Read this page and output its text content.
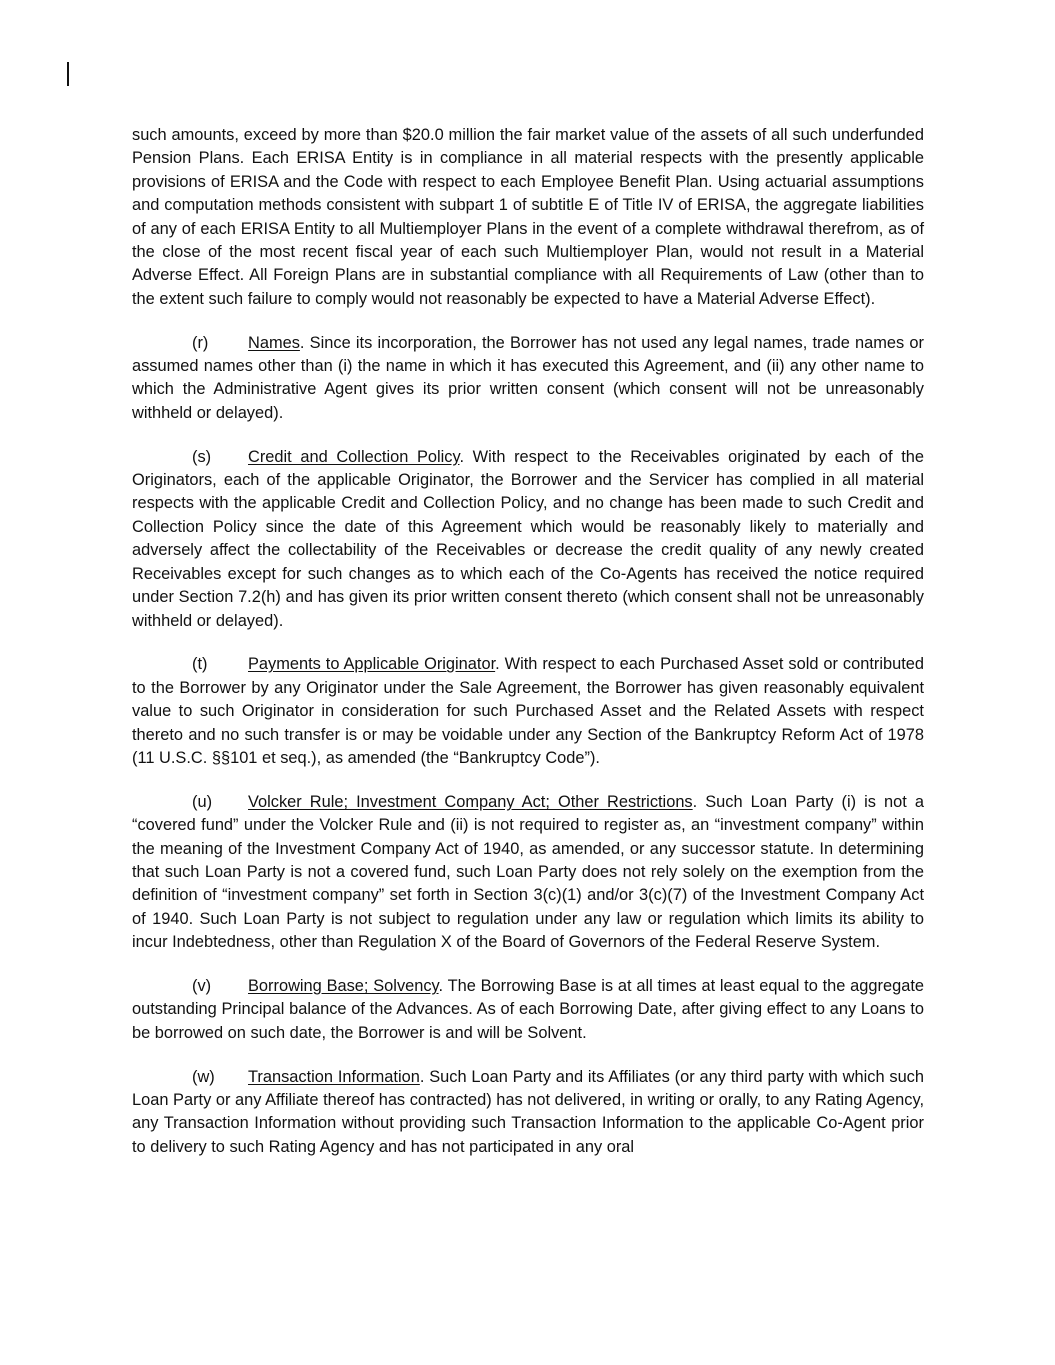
such amounts, exceed by more than $20.0 million the fair market value of the assets of all such underfunded Pension Plans. Each ERISA Entity is in compliance in all material respects with the presently applicable provisions of ERISA and the Code with respect to each Employee Benefit Plan. Using actuarial assumptions and computation methods consistent with subpart 1 of subtitle E of Title IV of ERISA, the aggregate liabilities of any of each ERISA Entity to all Multiemployer Plans in the event of a complete withdrawal therefrom, as of the close of the most recent fiscal year of each such Multiemployer Plan, would not result in a Material Adverse Effect. All Foreign Plans are in substantial compliance with all Requirements of Law (other than to the extent such failure to comply would not reasonably be expected to have a Material Adverse Effect).

(r) Names. Since its incorporation, the Borrower has not used any legal names, trade names or assumed names other than (i) the name in which it has executed this Agreement, and (ii) any other name to which the Administrative Agent gives its prior written consent (which consent will not be unreasonably withheld or delayed).

(s) Credit and Collection Policy. With respect to the Receivables originated by each of the Originators, each of the applicable Originator, the Borrower and the Servicer has complied in all material respects with the applicable Credit and Collection Policy, and no change has been made to such Credit and Collection Policy since the date of this Agreement which would be reasonably likely to materially and adversely affect the collectability of the Receivables or decrease the credit quality of any newly created Receivables except for such changes as to which each of the Co-Agents has received the notice required under Section 7.2(h) and has given its prior written consent thereto (which consent shall not be unreasonably withheld or delayed).

(t) Payments to Applicable Originator. With respect to each Purchased Asset sold or contributed to the Borrower by any Originator under the Sale Agreement, the Borrower has given reasonably equivalent value to such Originator in consideration for such Purchased Asset and the Related Assets with respect thereto and no such transfer is or may be voidable under any Section of the Bankruptcy Reform Act of 1978 (11 U.S.C. §§101 et seq.), as amended (the “Bankruptcy Code”).

(u) Volcker Rule; Investment Company Act; Other Restrictions. Such Loan Party (i) is not a “covered fund” under the Volcker Rule and (ii) is not required to register as, an “investment company” within the meaning of the Investment Company Act of 1940, as amended, or any successor statute. In determining that such Loan Party is not a covered fund, such Loan Party does not rely solely on the exemption from the definition of “investment company” set forth in Section 3(c)(1) and/or 3(c)(7) of the Investment Company Act of 1940. Such Loan Party is not subject to regulation under any law or regulation which limits its ability to incur Indebtedness, other than Regulation X of the Board of Governors of the Federal Reserve System.

(v) Borrowing Base; Solvency. The Borrowing Base is at all times at least equal to the aggregate outstanding Principal balance of the Advances. As of each Borrowing Date, after giving effect to any Loans to be borrowed on such date, the Borrower is and will be Solvent.

(w) Transaction Information. Such Loan Party and its Affiliates (or any third party with which such Loan Party or any Affiliate thereof has contracted) has not delivered, in writing or orally, to any Rating Agency, any Transaction Information without providing such Transaction Information to the applicable Co-Agent prior to delivery to such Rating Agency and has not participated in any oral
